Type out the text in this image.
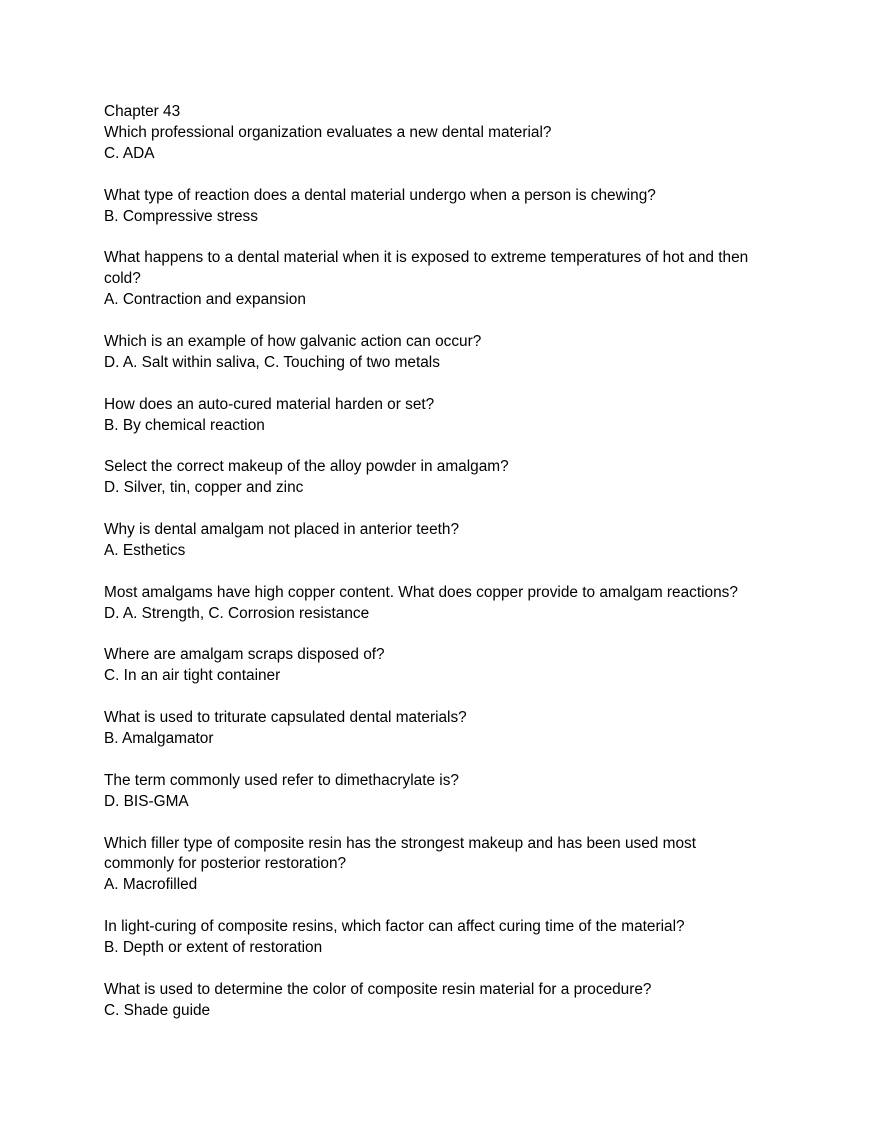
Chapter 43
Which professional organization evaluates a new dental material?
C. ADA
What type of reaction does a dental material undergo when a person is chewing?
B. Compressive stress
What happens to a dental material when it is exposed to extreme temperatures of hot and then cold?
A. Contraction and expansion
Which is an example of how galvanic action can occur?
D. A. Salt within saliva, C. Touching of two metals
How does an auto-cured material harden or set?
B. By chemical reaction
Select the correct makeup of the alloy powder in amalgam?
D. Silver, tin, copper and zinc
Why is dental amalgam not placed in anterior teeth?
A. Esthetics
Most amalgams have high copper content. What does copper provide to amalgam reactions?
D. A. Strength, C. Corrosion resistance
Where are amalgam scraps disposed of?
C. In an air tight container
What is used to triturate capsulated dental materials?
B. Amalgamator
The term commonly used refer to dimethacrylate is?
D. BIS-GMA
Which filler type of composite resin has the strongest makeup and has been used most commonly for posterior restoration?
A. Macrofilled
In light-curing of composite resins, which factor can affect curing time of the material?
B. Depth or extent of restoration
What is used to determine the color of composite resin material for a procedure?
C. Shade guide
